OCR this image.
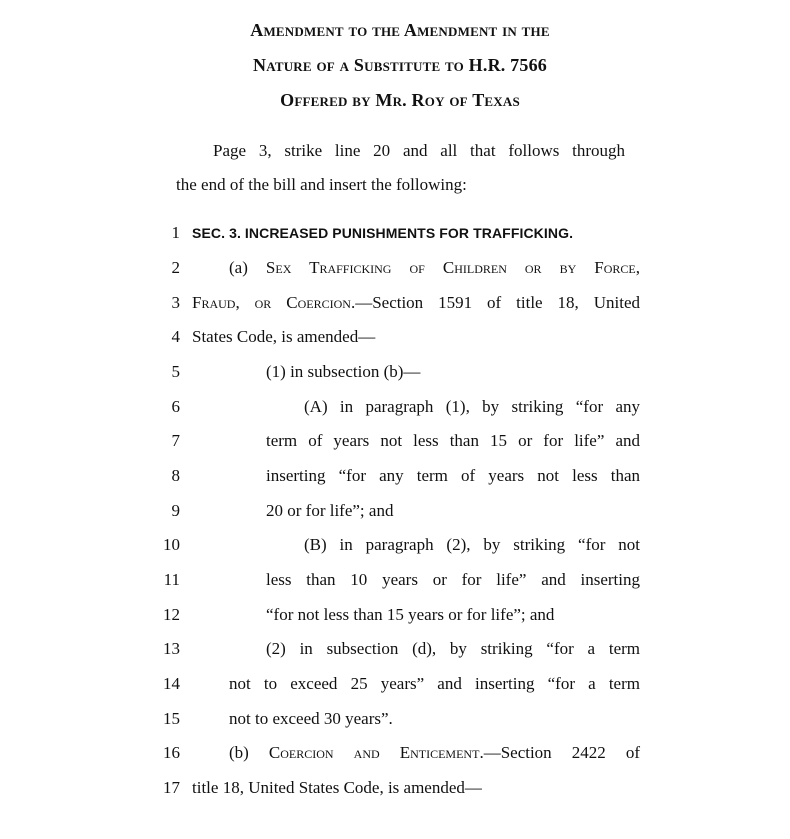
Amendment to the Amendment in the
Nature of a Substitute to H.R. 7566
Offered by Mr. Roy of Texas
Page 3, strike line 20 and all that follows through
the end of the bill and insert the following:
1 SEC. 3. INCREASED PUNISHMENTS FOR TRAFFICKING.
2	(a) Sex Trafficking of Children or by Force,
3 Fraud, or Coercion.—Section 1591 of title 18, United
4 States Code, is amended—
5	(1) in subsection (b)—
6	(A) in paragraph (1), by striking “for any
7	term of years not less than 15 or for life” and
8	inserting “for any term of years not less than
9	20 or for life”; and
10	(B) in paragraph (2), by striking “for not
11	less than 10 years or for life” and inserting
12	“for not less than 15 years or for life”; and
13	(2) in subsection (d), by striking “for a term
14	not to exceed 25 years” and inserting “for a term
15	not to exceed 30 years”.
16	(b) Coercion and Enticement.—Section 2422 of
17 title 18, United States Code, is amended—
